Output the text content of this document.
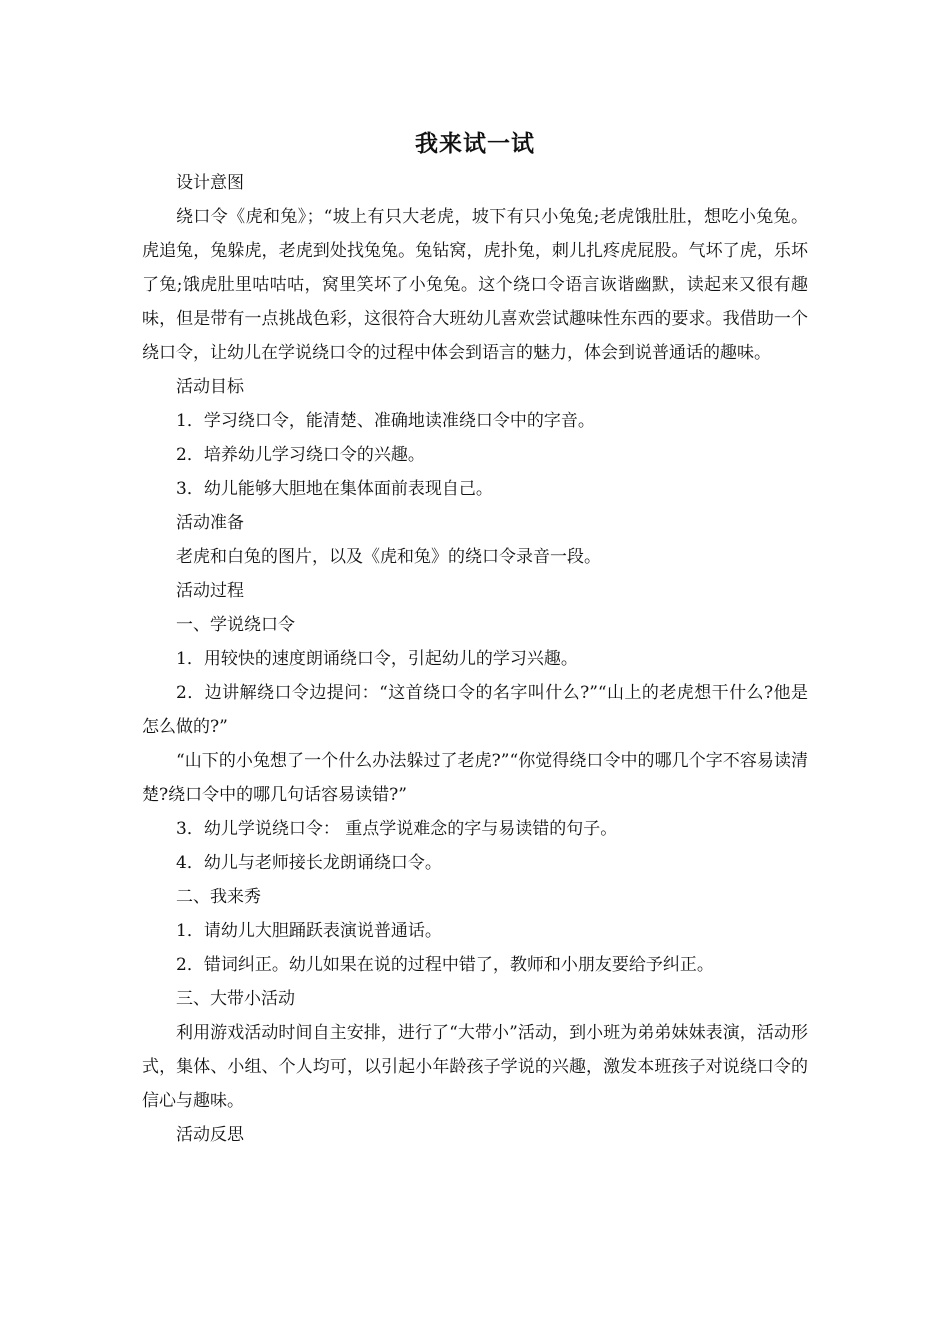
我来试一试

设计意图

绕口令《虎和兔》；“坡上有只大老虎，坡下有只小兔兔;老虎饿肚肚，想吃小兔兔。虎追兔，兔躲虎，老虎到处找兔兔。兔钻窝，虎扑兔，刺儿扎疼虎屁股。气坏了虎，乐坏了兔;饿虎肚里咕咕咕，窝里笑坏了小兔兔。这个绕口令语言诙谐幽默，读起来又很有趣味，但是带有一点挑战色彩，这很符合大班幼儿喜欢尝试趣味性东西的要求。我借助一个绕口令，让幼儿在学说绕口令的过程中体会到语言的魅力，体会到说普通话的趣味。

活动目标

1．学习绕口令，能清楚、准确地读准绕口令中的字音。

2．培养幼儿学习绕口令的兴趣。

3．幼儿能够大胆地在集体面前表现自己。

活动准备

老虎和白兔的图片，以及《虎和兔》的绕口令录音一段。

活动过程

一、学说绕口令

1．用较快的速度朗诵绕口令，引起幼儿的学习兴趣。

2．边讲解绕口令边提问：“这首绕口令的名字叫什么?”“山上的老虎想干什么?他是怎么做的?”

“山下的小兔想了一个什么办法躲过了老虎?”“你觉得绕口令中的哪几个字不容易读清楚?绕口令中的哪几句话容易读错?”

3．幼儿学说绕口令： 重点学说难念的字与易读错的句子。

4．幼儿与老师接长龙朗诵绕口令。

二、我来秀

1．请幼儿大胆踊跃表演说普通话。

2．错词纠正。幼儿如果在说的过程中错了，教师和小朋友要给予纠正。

三、大带小活动

利用游戏活动时间自主安排，进行了“大带小”活动，到小班为弟弟妹妹表演，活动形式，集体、小组、个人均可，以引起小年龄孩子学说的兴趣，激发本班孩子对说绕口令的信心与趣味。

活动反思
